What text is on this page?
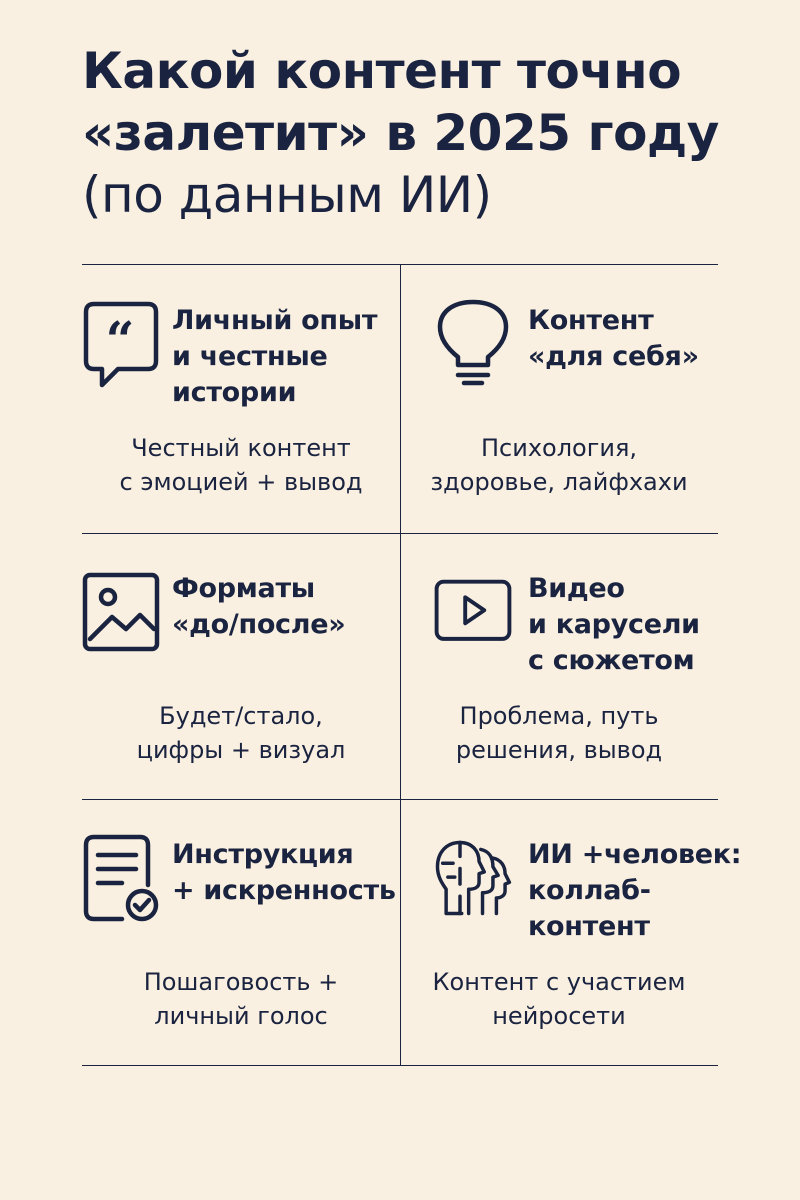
Какой контент точно
«залетит» в 2025 году
(по данным ИИ)
“ Личный опыт
и честные
истории
Честный контент
с эмоцией + вывод
Контент
«для себя»
Психология,
здоровье, лайфхахи
Форматы
«до/после»
Будет/стало,
цифры + визуал
Видео
и карусели
с сюжетом
Проблема, путь
решения, вывод
Инструкция
+ искренность
Пошаговость +
личный голос
ИИ +человек:
коллаб-
контент
Контент с участием
нейросети
